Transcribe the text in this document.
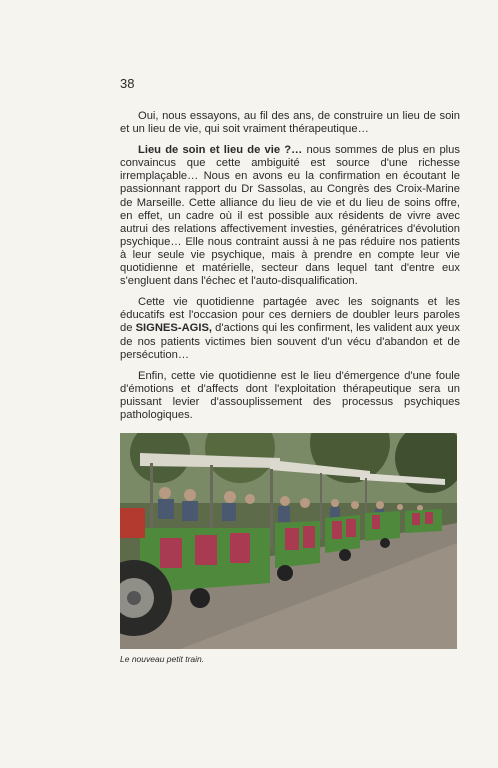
38

Oui, nous essayons, au fil des ans, de construire un lieu de soin et un lieu de vie, qui soit vraiment thérapeutique…

Lieu de soin et lieu de vie ?… nous sommes de plus en plus convaincus que cette ambiguité est source d'une richesse irremplaçable… Nous en avons eu la confirmation en écoutant le passionnant rapport du Dr Sassolas, au Congrès des Croix-Marine de Marseille. Cette alliance du lieu de vie et du lieu de soins offre, en effet, un cadre où il est possible aux résidents de vivre avec autrui des relations affectivement investies, génératrices d'évolution psychique… Elle nous contraint aussi à ne pas réduire nos patients à leur seule vie psychique, mais à prendre en compte leur vie quotidienne et matérielle, secteur dans lequel tant d'entre eux s'engluent dans l'échec et l'auto-disqualification.

Cette vie quotidienne partagée avec les soignants et les éducatifs est l'occasion pour ces derniers de doubler leurs paroles de SIGNES-AGIS, d'actions qui les confirment, les valident aux yeux de nos patients victimes bien souvent d'un vécu d'abandon et de persécution…

Enfin, cette vie quotidienne est le lieu d'émergence d'une foule d'émotions et d'affects dont l'exploitation thérapeutique sera un puissant levier d'assouplissement des processus psychiques pathologiques.

Le nouveau petit train.
